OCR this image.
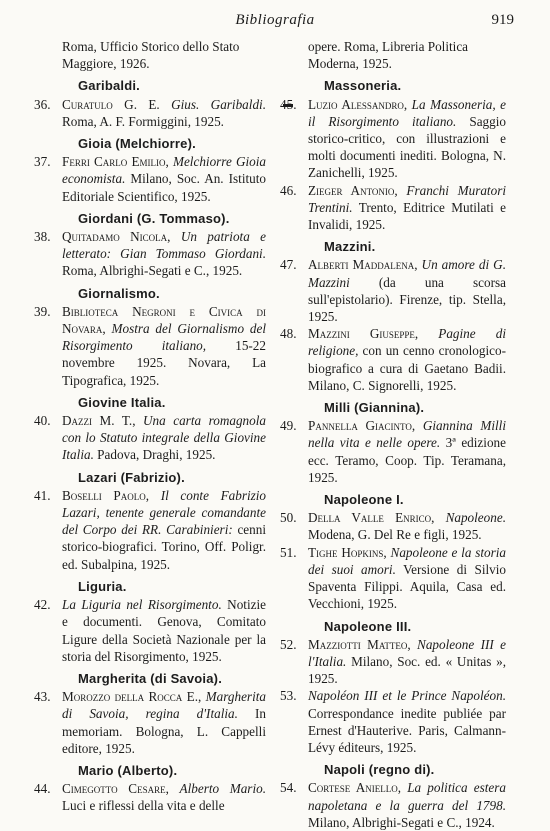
Bibliografia	919
Roma, Ufficio Storico dello Stato
Maggiore, 1926.
Garibaldi.
36. Curatulo G. E. Gius. Garibaldi. Roma, A. F. Formiggini, 1925.
Gioia (Melchiorre).
37. Ferri Carlo Emilio, Melchiorre Gioia economista. Milano, Soc. An. Istituto Editoriale Scientifico, 1925.
Giordani (G. Tommaso).
38. Quitadamo Nicola, Un patriota e letterato: Gian Tommaso Giordani. Roma, Albrighi-Segati e C., 1925.
Giornalismo.
39. Biblioteca Negroni e Civica di Novara, Mostra del Giornalismo del Risorgimento italiano, 15-22 novembre 1925. Novara, La Tipografica, 1925.
Giovine Italia.
40. Dazzi M. T., Una carta romagnola con lo Statuto integrale della Giovine Italia. Padova, Draghi, 1925.
Lazari (Fabrizio).
41. Boselli Paolo, Il conte Fabrizio Lazari, tenente generale comandante del Corpo dei RR. Carabinieri: cenni storico-biografici. Torino, Off. Poligr. ed. Subalpina, 1925.
Liguria.
42. La Liguria nel Risorgimento. Notizie e documenti. Genova, Comitato Ligure della Società Nazionale per la storia del Risorgimento, 1925.
Margherita (di Savoia).
43. Morozzo della Rocca E., Margherita di Savoia, regina d'Italia. In memoriam. Bologna, L. Cappelli editore, 1925.
Mario (Alberto).
44. Cimegotto Cesare, Alberto Mario. Luci e riflessi della vita e delle
opere. Roma, Libreria Politica
Moderna, 1925.
Massoneria.
45. Luzio Alessandro, La Massoneria, e il Risorgimento italiano. Saggio storico-critico, con illustrazioni e molti documenti inediti. Bologna, N. Zanichelli, 1925.
46. Zieger Antonio, Franchi Muratori Trentini. Trento, Editrice Mutilati e Invalidi, 1925.
Mazzini.
47. Alberti Maddalena, Un amore di G. Mazzini (da una scorsa sull'epistolario). Firenze, tip. Stella, 1925.
48. Mazzini Giuseppe, Pagine di religione, con un cenno cronologico-biografico a cura di Gaetano Badii. Milano, C. Signorelli, 1925.
Milli (Giannina).
49. Pannella Giacinto, Giannina Milli nella vita e nelle opere. 3ª edizione ecc. Teramo, Coop. Tip. Teramana, 1925.
Napoleone I.
50. Della Valle Enrico, Napoleone. Modena, G. Del Re e figli, 1925.
51. Tighe Hopkins, Napoleone e la storia dei suoi amori. Versione di Silvio Spaventa Filippi. Aquila, Casa ed. Vecchioni, 1925.
Napoleone III.
52. Mazziotti Matteo, Napoleone III e l'Italia. Milano, Soc. ed. « Unitas », 1925.
53. Napoléon III et le Prince Napoléon. Correspondance inedite publiée par Ernest d'Hauterive. Paris, Calmann-Lévy éditeurs, 1925.
Napoli (regno di).
54. Cortese Aniello, La politica estera napoletana e la guerra del 1798. Milano, Albrighi-Segati e C., 1924.
